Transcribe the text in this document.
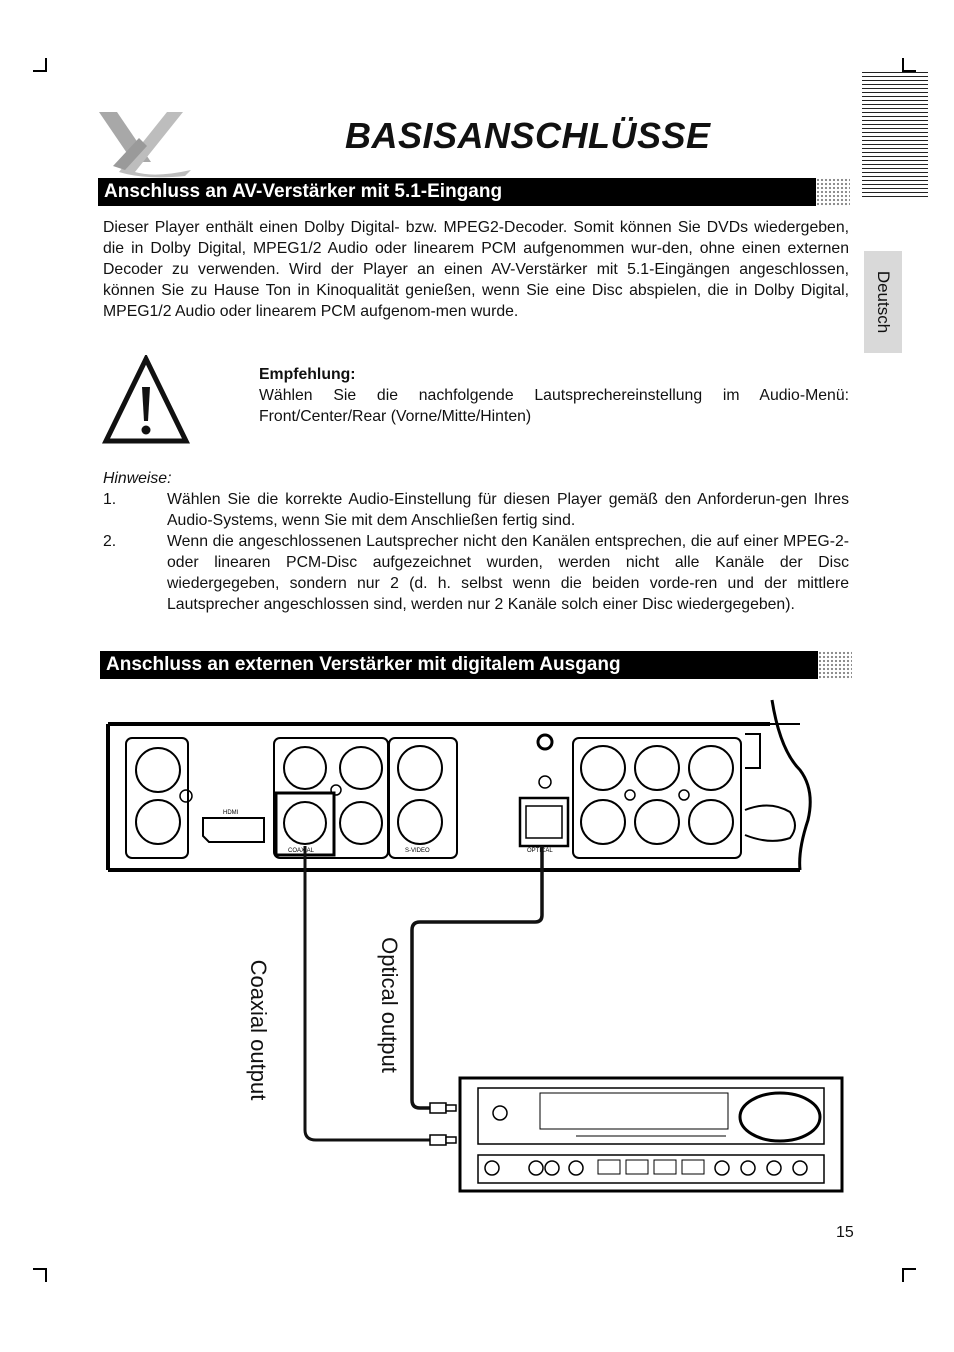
BASISANSCHLÜSSE
Deutsch
Anschluss an AV-Verstärker mit 5.1-Eingang
Dieser Player enthält einen Dolby Digital- bzw. MPEG2-Decoder. Somit können Sie DVDs wiedergeben, die in Dolby Digital, MPEG1/2 Audio oder linearem PCM aufgenommen wur-den, ohne einen externen Decoder zu verwenden. Wird der Player an einen AV-Verstärker mit 5.1-Eingängen angeschlossen, können Sie zu Hause Ton in Kinoqualität genießen, wenn Sie eine Disc abspielen, die in Dolby Digital, MPEG1/2 Audio oder linearem PCM aufgenom-men wurde.
Empfehlung:
Wählen Sie die nachfolgende Lautsprechereinstellung im Audio-Menü: Front/Center/Rear (Vorne/Mitte/Hinten)
Hinweise:
1.	Wählen Sie die korrekte Audio-Einstellung für diesen Player gemäß den Anforderun-gen Ihres Audio-Systems, wenn Sie mit dem Anschließen fertig sind.
2.	Wenn die angeschlossenen Lautsprecher nicht den Kanälen entsprechen, die auf einer MPEG-2- oder linearen PCM-Disc aufgezeichnet wurden, werden nicht alle Kanäle der Disc wiedergegeben, sondern nur 2 (d. h. selbst wenn die beiden vorde-ren und der mittlere Lautsprecher angeschlossen sind, werden nur 2 Kanäle solch einer Disc wiedergegeben).
Anschluss an externen Verstärker mit digitalem Ausgang
HDMI
COAXIAL	S-VIDEO	OPTICAL
Coaxial output	Optical output
15
